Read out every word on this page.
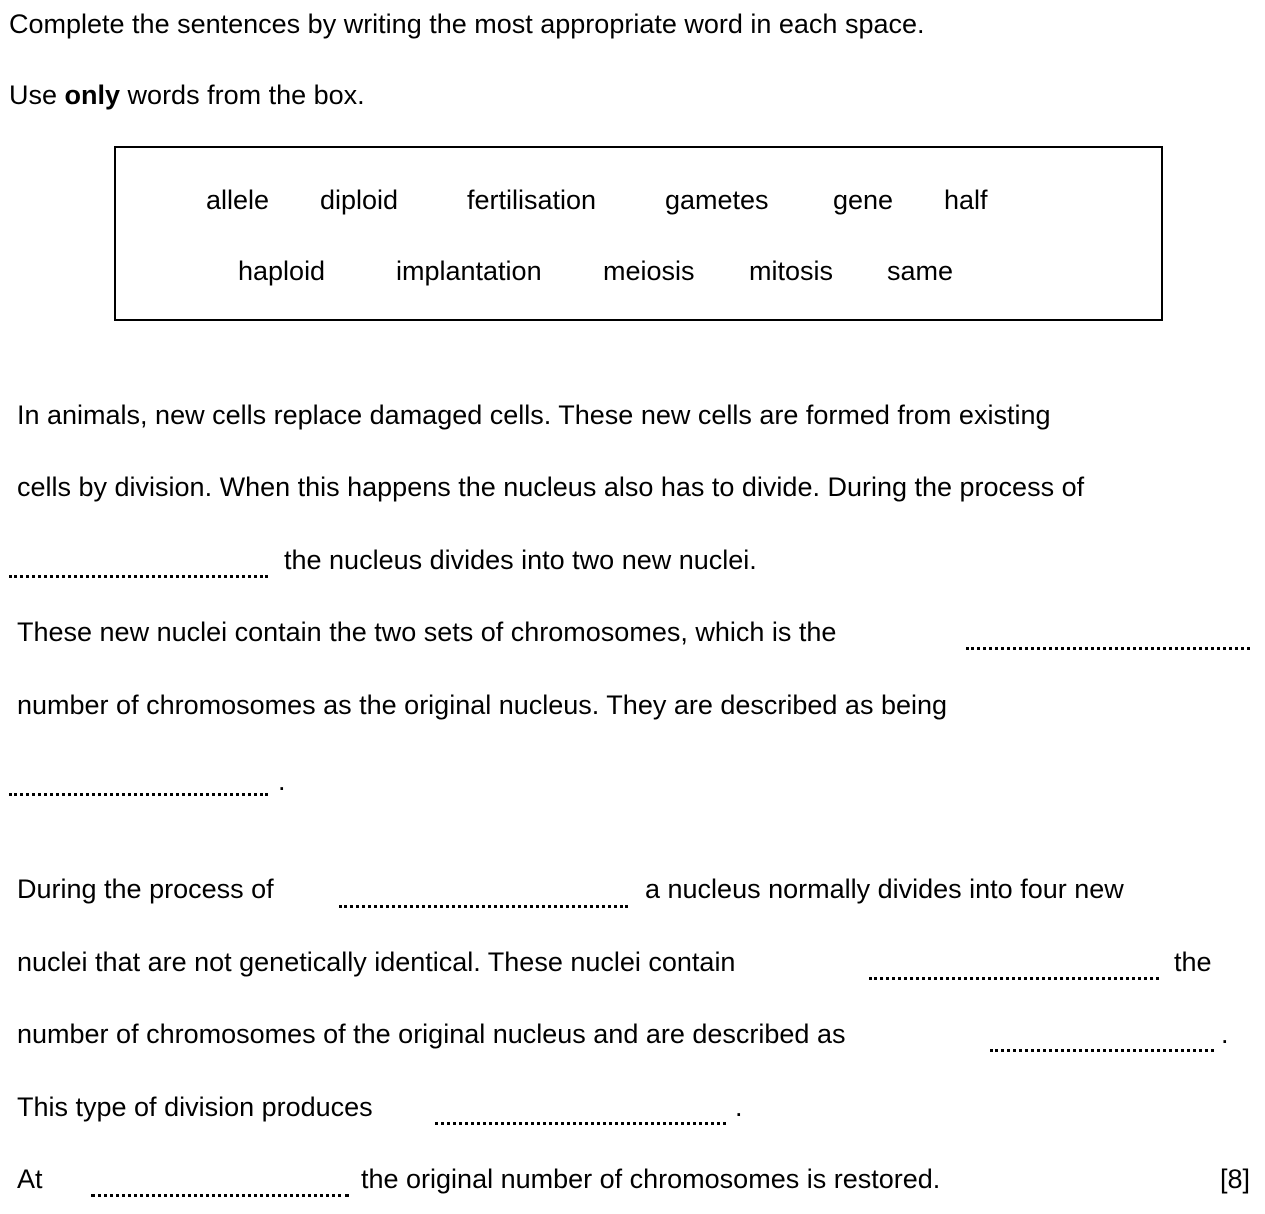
Complete the sentences by writing the most appropriate word in each space.
Use only words from the box.
allele diploid	fertilisation	gametes gene half
haploid	implantation meiosis mitosis same
In animals, new cells replace damaged cells. These new cells are formed from existing
cells by division. When this happens the nucleus also has to divide. During the process of
the nucleus divides into two new nuclei.
These new nuclei contain the two sets of chromosomes, which is the
number of chromosomes as the original nucleus. They are described as being
.
During the process of	a nucleus normally divides into four new
nuclei that are not genetically identical. These nuclei contain	the
number of chromosomes of the original nucleus and are described as	.
This type of division produces	.
At	the original number of chromosomes is restored.	[8]
